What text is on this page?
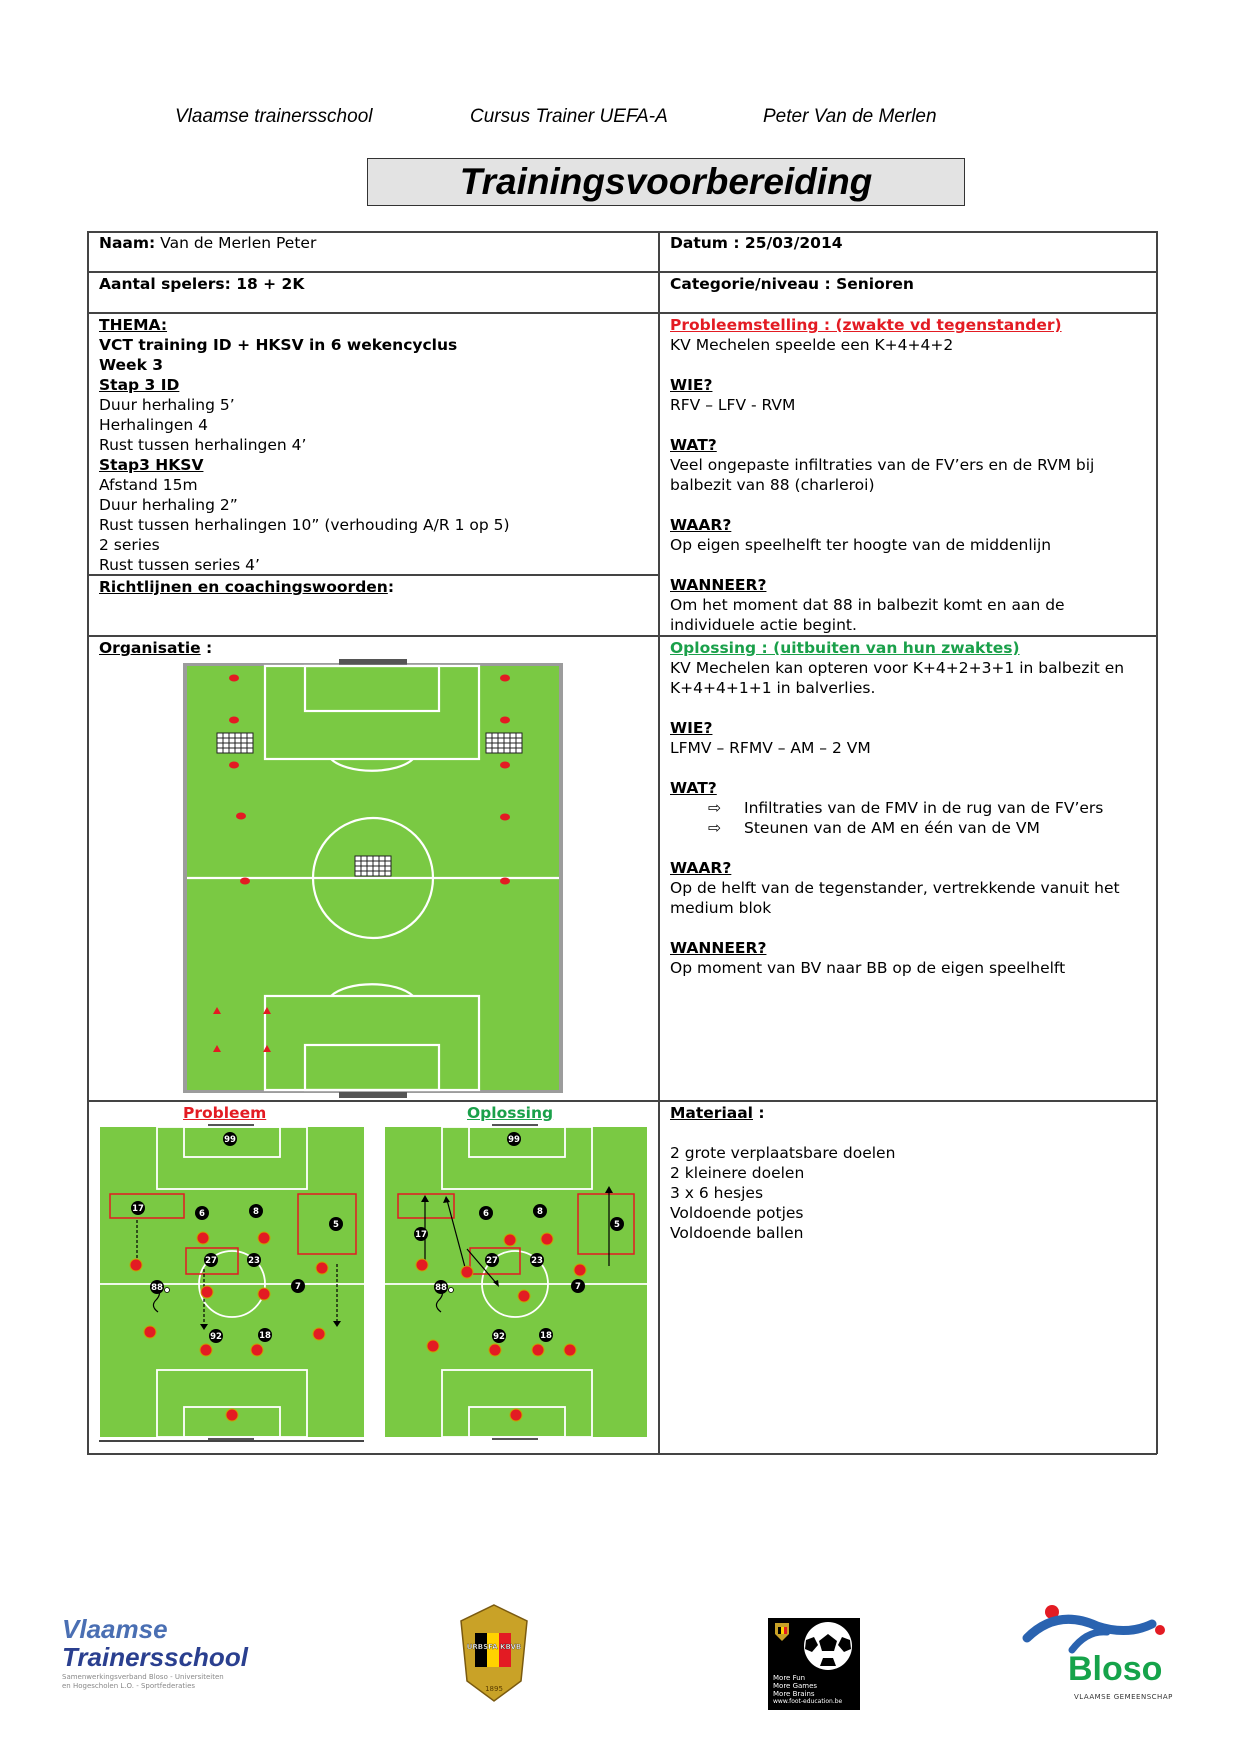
Vlaamse trainersschool	Cursus Trainer UEFA-A	Peter Van de Merlen
Trainingsvoorbereiding
Naam: Van de Merlen Peter	Datum : 25/03/2014
Aantal spelers: 18 + 2K	Categorie/niveau : Senioren
THEMA:
VCT training ID + HKSV in 6 wekencyclus
Week 3
Stap 3 ID
Duur herhaling 5’
Herhalingen 4
Rust tussen herhalingen 4’
Stap3 HKSV
Afstand 15m
Duur herhaling 2”
Rust tussen herhalingen 10” (verhouding A/R 1 op 5)
2 series
Rust tussen series 4’
Richtlijnen en coachingswoorden:
Probleemstelling : (zwakte vd tegenstander)
KV Mechelen speelde een K+4+4+2
WIE?
RFV – LFV - RVM
WAT?
Veel ongepaste infiltraties van de FV’ers en de RVM bij balbezit van 88 (charleroi)
WAAR?
Op eigen speelhelft ter hoogte van de middenlijn
WANNEER?
Om het moment dat 88 in balbezit komt en aan de individuele actie begint.
Organisatie :	Oplossing : (uitbuiten van hun zwaktes)
KV Mechelen kan opteren voor K+4+2+3+1 in balbezit en K+4+4+1+1 in balverlies.
WIE?
LFMV – RFMV – AM – 2 VM
WAT?
⇨ Infiltraties van de FMV in de rug van de FV’ers
⇨ Steunen van de AM en één van de VM
WAAR?
Op de helft van de tegenstander, vertrekkende vanuit het medium blok
WANNEER?
Op moment van BV naar BB op de eigen speelhelft
Probleem	Oplossing
99
17	6	8
5
27	23
88	7
92	18
99
17
6	8
5
27	23
88	7
92	18
Materiaal :
2 grote verplaatsbare doelen
2 kleinere doelen
3 x 6 hesjes
Voldoende potjes
Voldoende ballen
Vlaamse
Trainersschool
Samenwerkingsverband Bloso - Universiteiten en Hogescholen L.O. - Sportfederaties
URBSFA KBVB
1895
More Fun
More Games
More Brains
www.foot-education.be
Bloso
VLAAMSE GEMEENSCHAP
